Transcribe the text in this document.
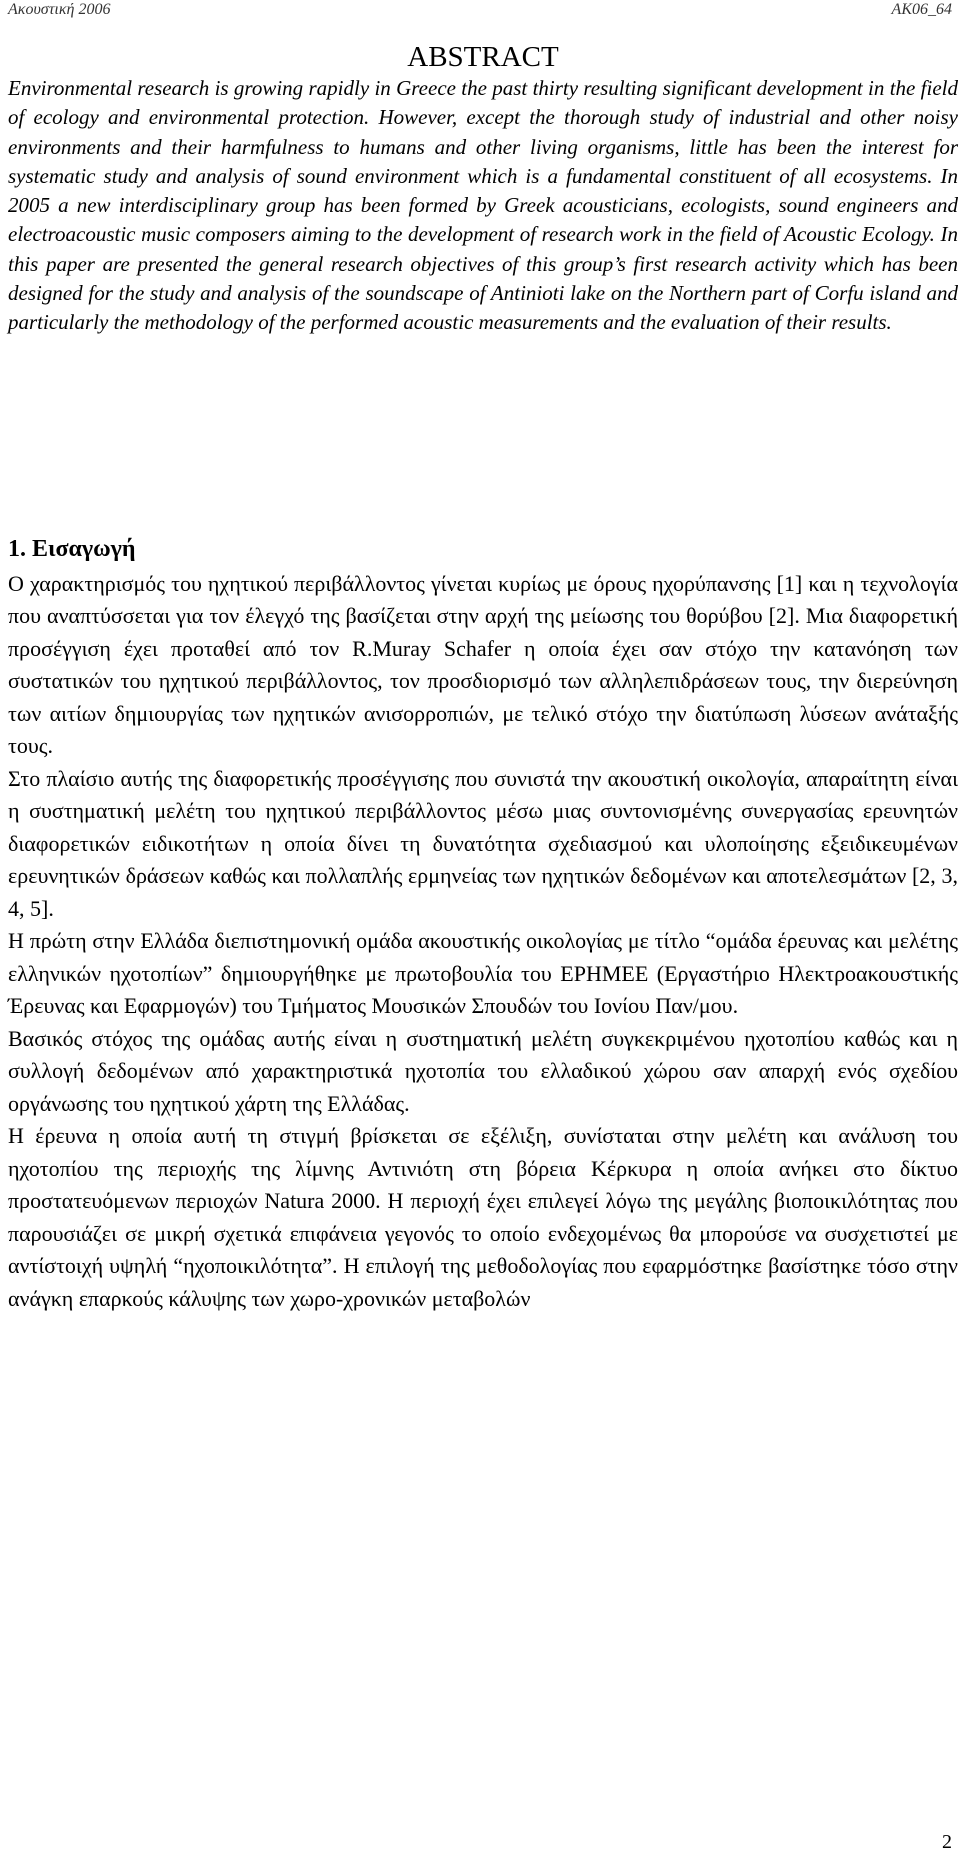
Ακουστική 2006	AK06_64
ABSTRACT

Environmental research is growing rapidly in Greece the past thirty resulting significant development in the field of ecology and environmental protection. However, except the thorough study of industrial and other noisy environments and their harmfulness to humans and other living organisms, little has been the interest for systematic study and analysis of sound environment which is a fundamental constituent of all ecosystems. In 2005 a new interdisciplinary group has been formed by Greek acousticians, ecologists, sound engineers and electroacoustic music composers aiming to the development of research work in the field of Acoustic Ecology. In this paper are presented the general research objectives of this group’s first research activity which has been designed for the study and analysis of the soundscape of Antinioti lake on the Northern part of Corfu island and particularly the methodology of the performed acoustic measurements and the evaluation of their results.

1. Εισαγωγή

Ο χαρακτηρισμός του ηχητικού περιβάλλοντος γίνεται κυρίως με όρους ηχορύπανσης [1] και η τεχνολογία που αναπτύσσεται για τον έλεγχό της βασίζεται στην αρχή της μείωσης του θορύβου [2]. Μια διαφορετική προσέγγιση έχει προταθεί από τον R.Muray Schafer η οποία έχει σαν στόχο την κατανόηση των συστατικών του ηχητικού περιβάλλοντος, τον προσδιορισμό των αλληλεπιδράσεων τους, την διερεύνηση των αιτίων δημιουργίας των ηχητικών ανισορροπιών, με τελικό στόχο την διατύπωση λύσεων ανάταξής τους.

Στο πλαίσιο αυτής της διαφορετικής προσέγγισης που συνιστά την ακουστική οικολογία, απαραίτητη είναι η συστηματική μελέτη του ηχητικού περιβάλλοντος μέσω μιας συντονισμένης συνεργασίας ερευνητών διαφορετικών ειδικοτήτων η οποία δίνει τη δυνατότητα σχεδιασμού και υλοποίησης εξειδικευμένων ερευνητικών δράσεων καθώς και πολλαπλής ερμηνείας των ηχητικών δεδομένων και αποτελεσμάτων [2, 3, 4, 5].

Η πρώτη στην Ελλάδα διεπιστημονική ομάδα ακουστικής οικολογίας με τίτλο “ομάδα έρευνας και μελέτης ελληνικών ηχοτοπίων” δημιουργήθηκε με πρωτοβουλία του ΕΡΗΜΕΕ (Εργαστήριο Ηλεκτροακουστικής Έρευνας και Εφαρμογών) του Τμήματος Μουσικών Σπουδών του Ιονίου Παν/μου.

Βασικός στόχος της ομάδας αυτής είναι η συστηματική μελέτη συγκεκριμένου ηχοτοπίου καθώς και η συλλογή δεδομένων από χαρακτηριστικά ηχοτοπία του ελλαδικού χώρου σαν απαρχή ενός σχεδίου οργάνωσης του ηχητικού χάρτη της Ελλάδας.

Η έρευνα η οποία αυτή τη στιγμή βρίσκεται σε εξέλιξη, συνίσταται στην μελέτη και ανάλυση του ηχοτοπίου της περιοχής της λίμνης Αντινιότη στη βόρεια Κέρκυρα η οποία ανήκει στο δίκτυο προστατευόμενων περιοχών Natura 2000. Η περιοχή έχει επιλεγεί λόγω της μεγάλης βιοποικιλότητας που παρουσιάζει σε μικρή σχετικά επιφάνεια γεγονός το οποίο ενδεχομένως θα μπορούσε να συσχετιστεί με αντίστοιχή υψηλή “ηχοποικιλότητα”. Η επιλογή της μεθοδολογίας που εφαρμόστηκε βασίστηκε τόσο στην ανάγκη επαρκούς κάλυψης των χωρο-χρονικών μεταβολών

2
